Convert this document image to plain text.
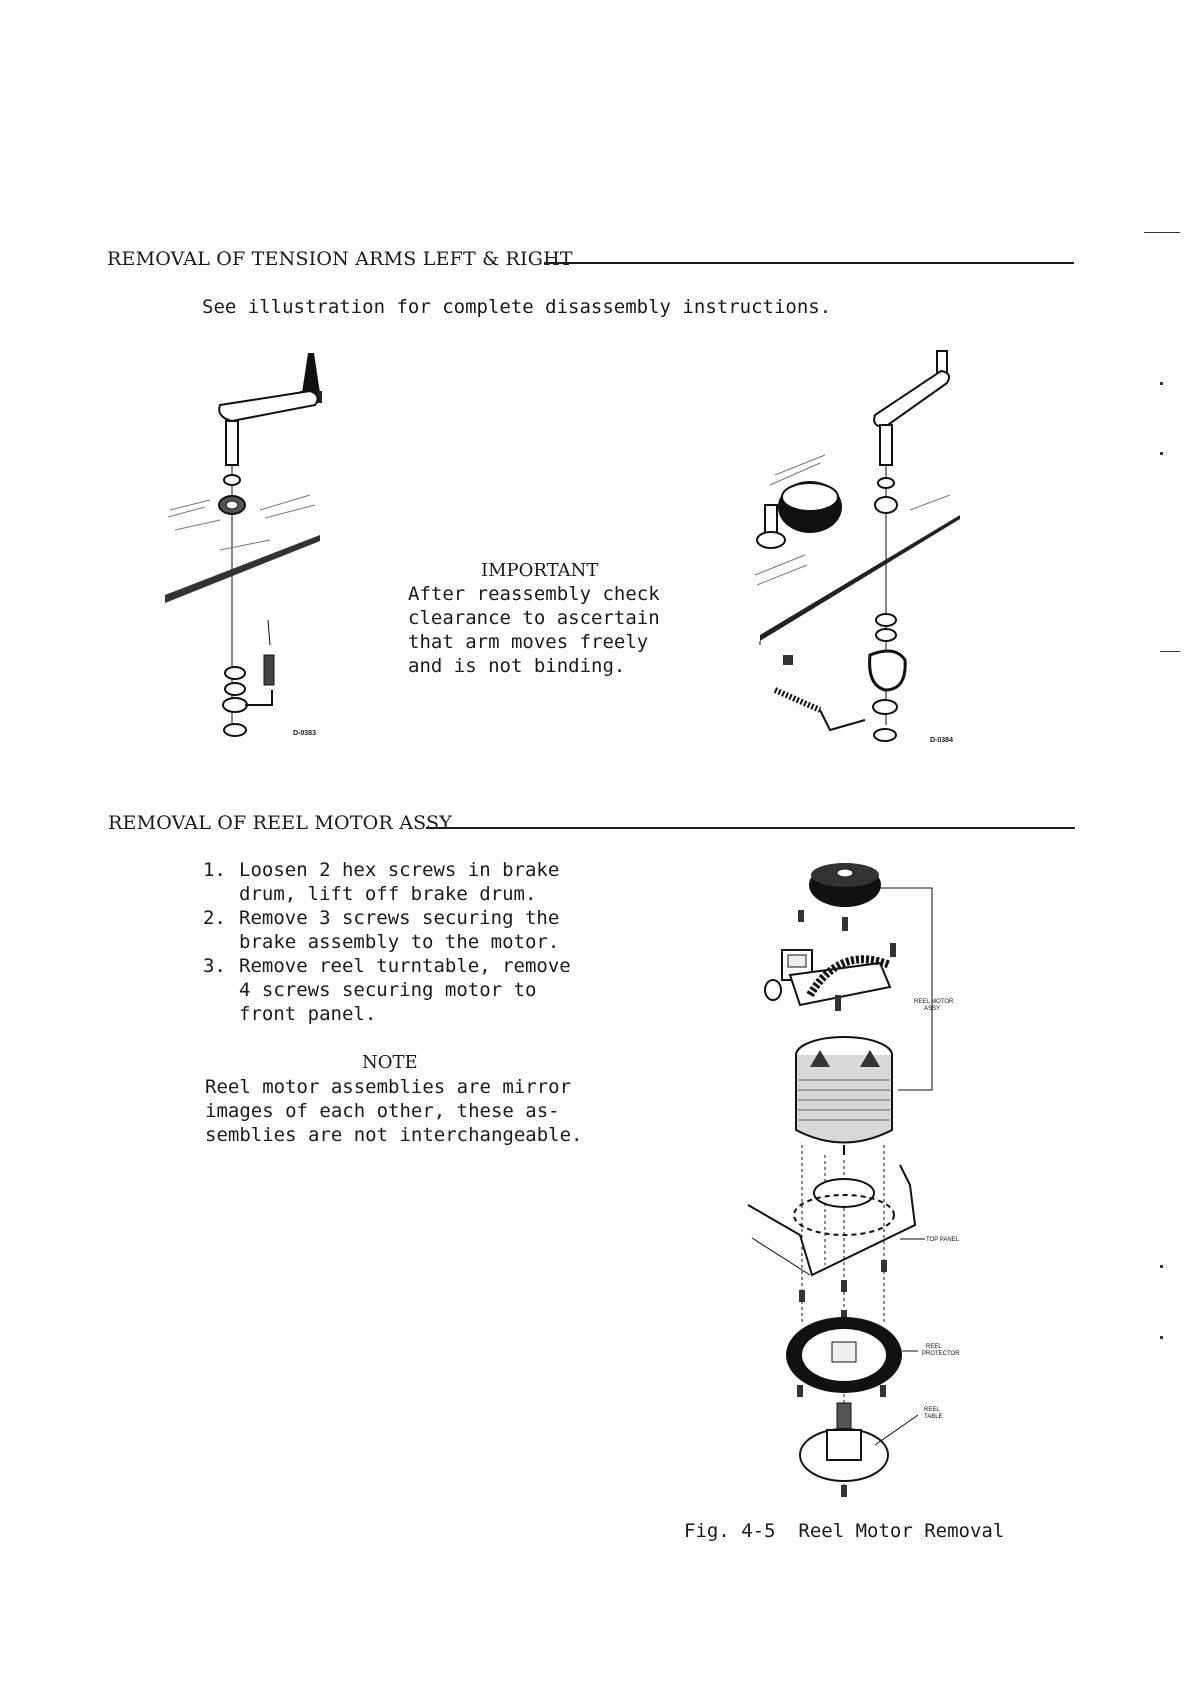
REMOVAL OF TENSION ARMS LEFT & RIGHT
See illustration for complete disassembly instructions.
D-0383
IMPORTANT
After reassembly check
clearance to ascertain
that arm moves freely
and is not binding.
D-0384
REMOVAL OF REEL MOTOR ASSY
1. Loosen 2 hex screws in brake
drum, lift off brake drum.
2. Remove 3 screws securing the
brake assembly to the motor.
3. Remove reel turntable, remove
4 screws securing motor to
front panel.
NOTE
Reel motor assemblies are mirror
images of each other, these as-
semblies are not interchangeable.
REEL MOTOR
ASSY
TOP PANEL
REEL
PROTECTOR
REEL
TABLE
Fig. 4-5  Reel Motor Removal
